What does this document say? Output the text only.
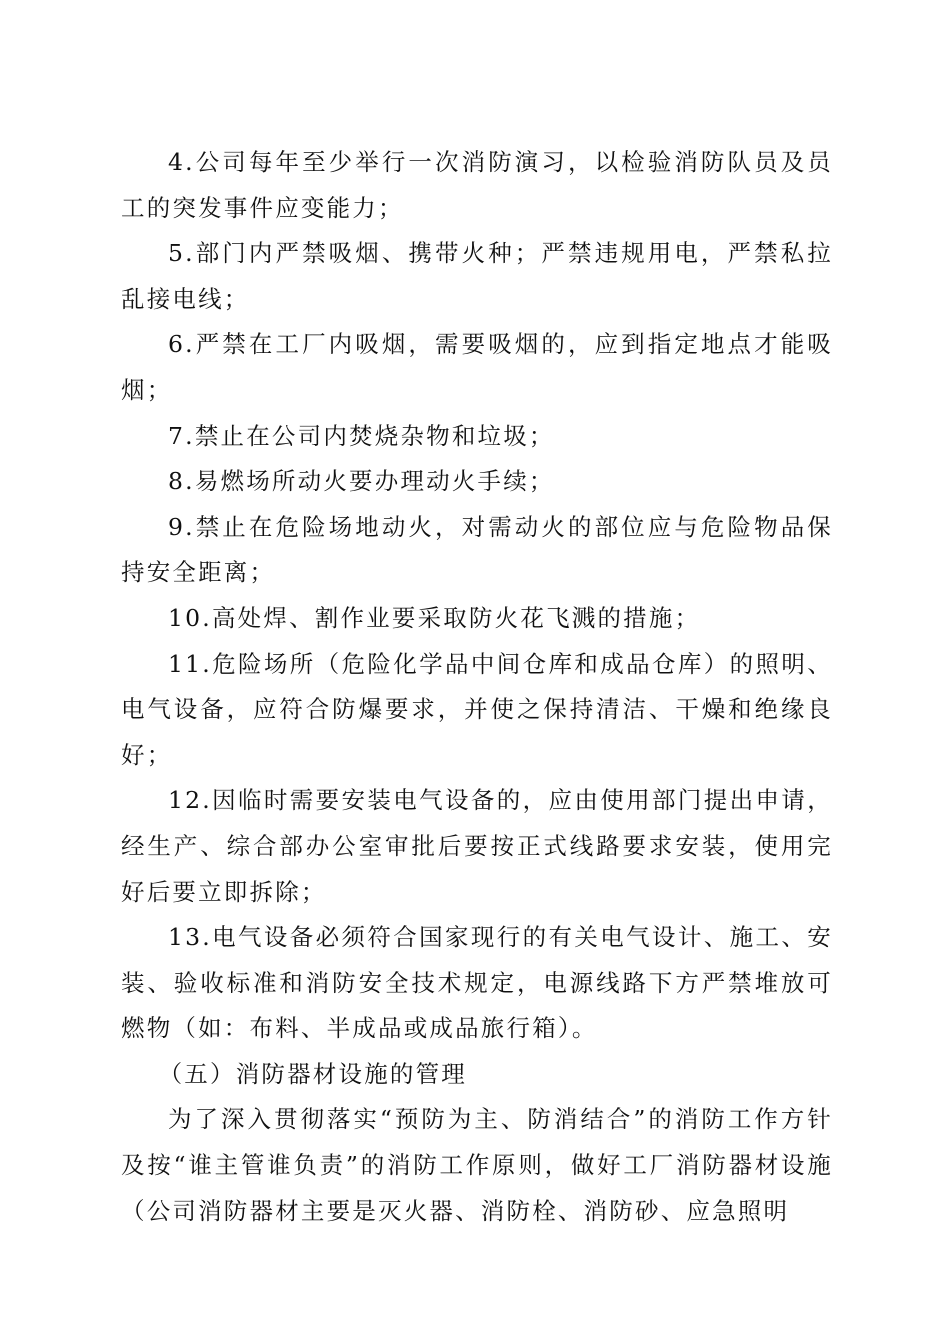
4.公司每年至少举行一次消防演习，以检验消防队员及员工的突发事件应变能力；

5.部门内严禁吸烟、携带火种；严禁违规用电，严禁私拉乱接电线；

6.严禁在工厂内吸烟，需要吸烟的，应到指定地点才能吸烟；

7.禁止在公司内焚烧杂物和垃圾；

8.易燃场所动火要办理动火手续；

9.禁止在危险场地动火，对需动火的部位应与危险物品保持安全距离；

10.高处焊、割作业要采取防火花飞溅的措施；

11.危险场所（危险化学品中间仓库和成品仓库）的照明、电气设备，应符合防爆要求，并使之保持清洁、干燥和绝缘良好；

12.因临时需要安装电气设备的，应由使用部门提出申请，经生产、综合部办公室审批后要按正式线路要求安装，使用完好后要立即拆除；

13.电气设备必须符合国家现行的有关电气设计、施工、安装、验收标准和消防安全技术规定，电源线路下方严禁堆放可燃物（如：布料、半成品或成品旅行箱）。

（五）消防器材设施的管理

为了深入贯彻落实“预防为主、防消结合”的消防工作方针及按“谁主管谁负责”的消防工作原则，做好工厂消防器材设施（公司消防器材主要是灭火器、消防栓、消防砂、应急照明
